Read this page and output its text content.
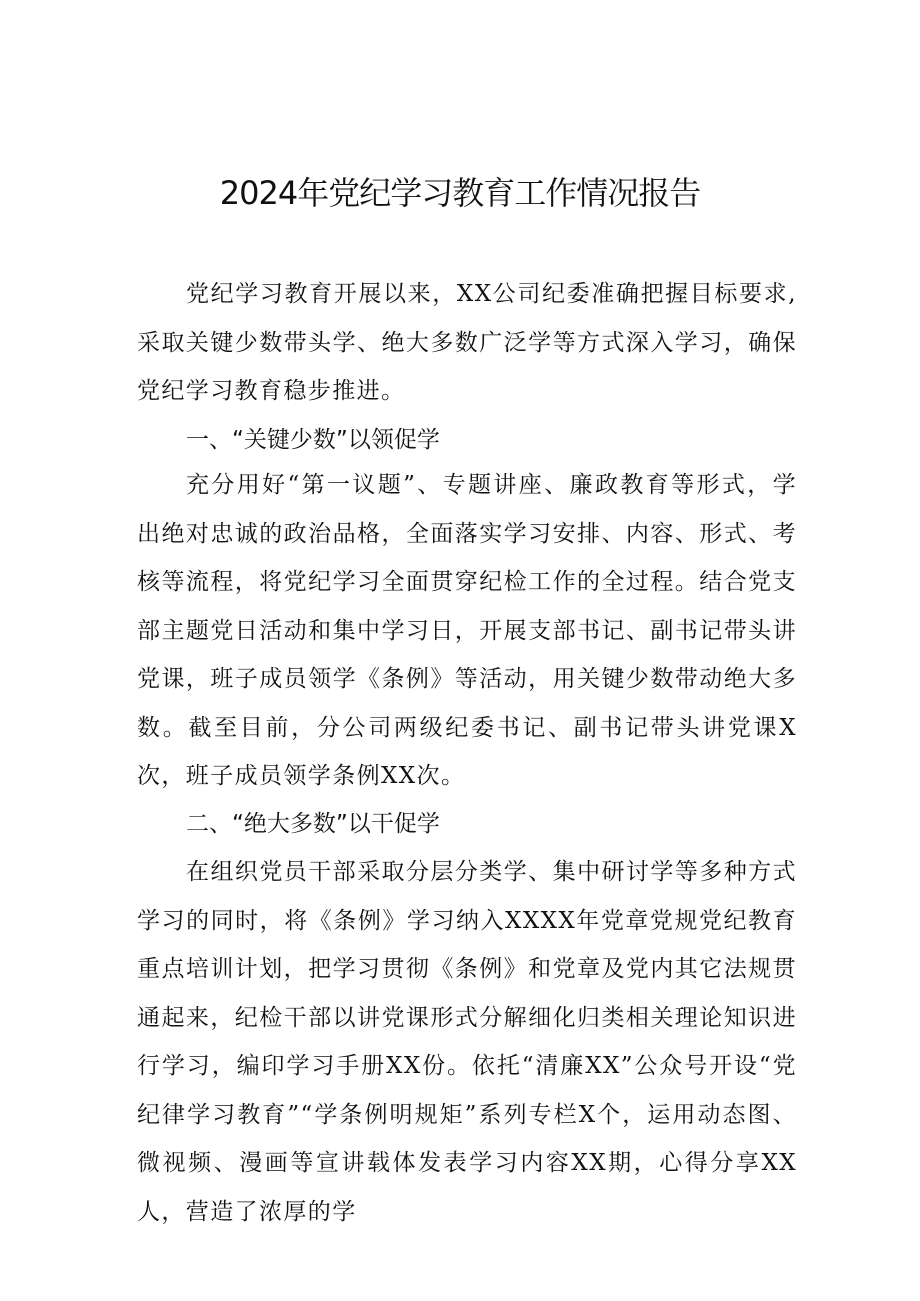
2024年党纪学习教育工作情况报告

党纪学习教育开展以来，XX公司纪委准确把握目标要求,采取关键少数带头学、绝大多数广泛学等方式深入学习，确保党纪学习教育稳步推进。

一、“关键少数”以领促学

充分用好“第一议题”、专题讲座、廉政教育等形式，学出绝对忠诚的政治品格，全面落实学习安排、内容、形式、考核等流程，将党纪学习全面贯穿纪检工作的全过程。结合党支部主题党日活动和集中学习日，开展支部书记、副书记带头讲党课，班子成员领学《条例》等活动，用关键少数带动绝大多数。截至目前，分公司两级纪委书记、副书记带头讲党课X次，班子成员领学条例XX次。

二、“绝大多数”以干促学

在组织党员干部采取分层分类学、集中研讨学等多种方式学习的同时，将《条例》学习纳入XXXX年党章党规党纪教育重点培训计划，把学习贯彻《条例》和党章及党内其它法规贯通起来，纪检干部以讲党课形式分解细化归类相关理论知识进行学习，编印学习手册XX份。依托“清廉XX”公众号开设“党纪律学习教育”“学条例明规矩”系列专栏X个，运用动态图、微视频、漫画等宣讲载体发表学习内容XX期，心得分享XX人，营造了浓厚的学
